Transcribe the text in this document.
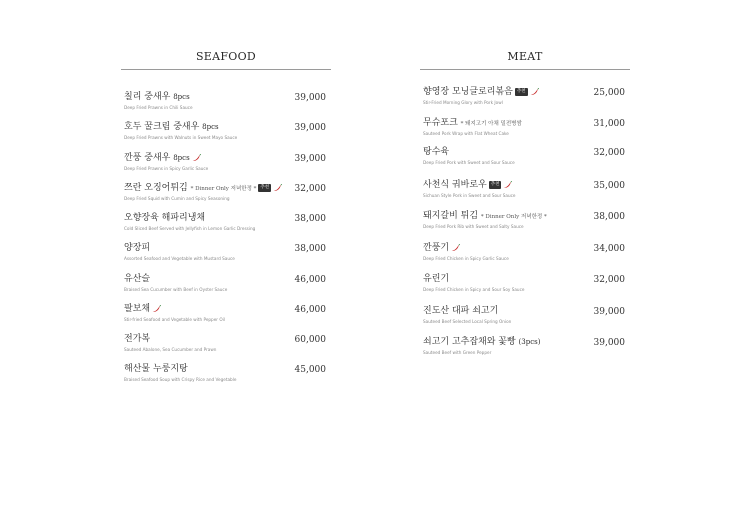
SEAFOOD
칠리 중새우 8pcs
Deep Fried Prawns in Chili Sauce
39,000
호두 꿀크림 중새우 8pcs
Deep Fried Prawns with Walnuts in Sweet Mayo Sauce
39,000
깐풍 중새우 8pcs
Deep Fried Prawns in Spicy Garlic Sauce
39,000
쯔란 오징어튀김 * Dinner Only 저녁한정 * 추천
Deep Fried Squid with Cumin and Spicy Seasoning
32,000
오향장육 해파리냉채
Cold Sliced Beef Served with Jellyfish in Lemon Garlic Dressing
38,000
양장피
Assorted Seafood and Vegetable with Mustard Sauce
38,000
유산슬
Braised Sea Cucumber with Beef in Oyster Sauce
46,000
팔보채
Stir-fried Seafood and Vegetable with Pepper Oil
46,000
전가복
Sauteed Abalone, Sea Cucumber and Prawn
60,000
해산물 누룽지탕
Braised Seafood Soup with Crispy Rice and Vegetable
45,000
MEAT
향영장 모닝글로리볶음 추천
Stir-Fried Morning Glory with Pork Jowl
25,000
무슈포크 * 돼지고기 아채 밀전병쌈
Sauteed Pork Wrap with Flat Wheat Cake
31,000
탕수육
Deep Fried Pork with Sweet and Sour Sauce
32,000
사천식 궈바로우 추천
Sichuan Style Pork in Sweet and Sour Sauce
35,000
돼지갈비 튀김 * Dinner Only 저녁한정 *
Deep Fried Pork Rib with Sweet and Salty Sauce
38,000
깐풍기
Deep Fried Chicken in Spicy Garlic Sauce
34,000
유린기
Deep Fried Chicken in Spicy and Sour Soy Sauce
32,000
진도산 대파 쇠고기
Sauteed Beef Selected Local Spring Onion
39,000
쇠고기 고추잡채와 꽃빵 (3pcs)
Sauteed Beef with Green Pepper
39,000
